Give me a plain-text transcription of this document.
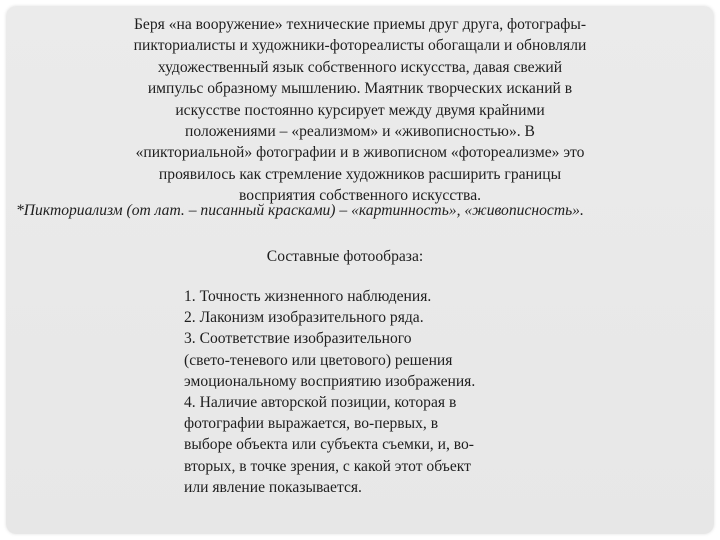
Беря «на вооружение» технические приемы друг друга, фотографы-
пикториалисты и художники-фотореалисты обогащали и обновляли
художественный язык собственного искусства, давая свежий
импульс образному мышлению. Маятник творческих исканий в
искусстве постоянно курсирует между двумя крайними
положениями – «реализмом» и «живописностью». В
«пикториальной» фотографии и в живописном «фотореализме» это
проявилось как стремление художников расширить границы
восприятия собственного искусства.
*Пикториализм (от лат. – писанный красками) – «картинность», «живописность».
Составные фотообраза:
1. Точность жизненного наблюдения.
2. Лаконизм изобразительного ряда.
3. Соответствие изобразительного
(свето-теневого или цветового) решения
эмоциональному восприятию изображения.
4. Наличие авторской позиции, которая в
фотографии выражается, во-первых, в
выборе объекта или субъекта съемки, и, во-
вторых, в точке зрения, с какой этот объект
или явление показывается.
